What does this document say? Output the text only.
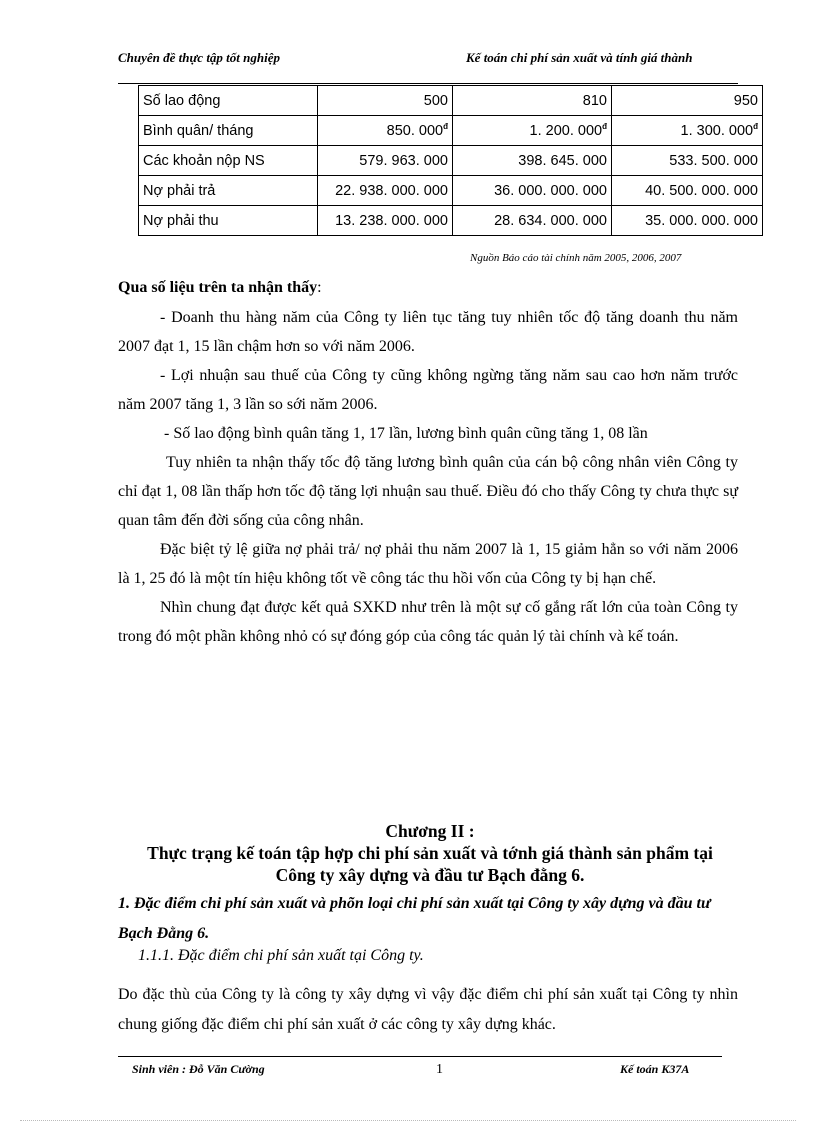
Chuyên đề thực tập tốt nghiệp	Kế toán chi phí sản xuất và tính giá thành
Số lao động	500	810	950
Bình quân/ tháng	850. $000^đ$	1. 200. $000^đ$	1. 300. $000^đ$
Các khoản nộp NS	579. 963. 000	398. 645. 000	533. 500. 000
Nợ phải trả	22. 938. 000. 000	36. 000. 000. 000	40. 500. 000. 000
Nợ phải thu	13. 238. 000. 000	28. 634. 000. 000	35. 000. 000. 000
Nguồn Báo cáo tài chính năm 2005, 2006, 2007
Qua số liệu trên ta nhận thấy:

- Doanh thu hàng năm của Công ty liên tục tăng tuy nhiên tốc độ tăng doanh thu năm 2007 đạt 1, 15 lần chậm hơn so với năm 2006.

- Lợi nhuận sau thuế của Công ty cũng không ngừng tăng năm sau cao hơn năm trước năm 2007 tăng 1, 3 lần so sới năm 2006.

- Số lao động bình quân tăng 1, 17 lần, lương bình quân cũng tăng 1, 08 lần

Tuy nhiên ta nhận thấy tốc độ tăng lương bình quân của cán bộ công nhân viên Công ty chỉ đạt 1, 08 lần thấp hơn tốc độ tăng lợi nhuận sau thuế. Điều đó cho thấy Công ty chưa thực sự quan tâm đến đời sống của công nhân.

Đặc biệt tỷ lệ giữa nợ phải trả/ nợ phải thu năm 2007 là 1, 15 giảm hẳn so với năm 2006 là 1, 25 đó là một tín hiệu không tốt về công tác thu hồi vốn của Công ty bị hạn chế.

Nhìn chung đạt được kết quả SXKD như trên là một sự cố gắng rất lớn của toàn Công ty trong đó một phần không nhỏ có sự đóng góp của công tác quản lý tài chính và kế toán.

Chương II :
Thực trạng kế toán tập hợp chi phí sản xuất và tớnh giá thành sản phẩm tại
Công ty xây dựng và đầu tư Bạch đằng 6.
1. Đặc điểm chi phí sản xuất và phõn loại chi phí sản xuất tại Công ty xây dựng và đầu tư Bạch Đằng 6.
1.1.1. Đặc điểm chi phí sản xuất tại Công ty.
Do đặc thù của Công ty là công ty xây dựng vì vậy đặc điểm chi phí sản xuất tại Công ty nhìn chung giống đặc điểm chi phí sản xuất ở các công ty xây dựng khác.
Sinh viên : Đỗ Văn Cường	1	Kế toán K37A
